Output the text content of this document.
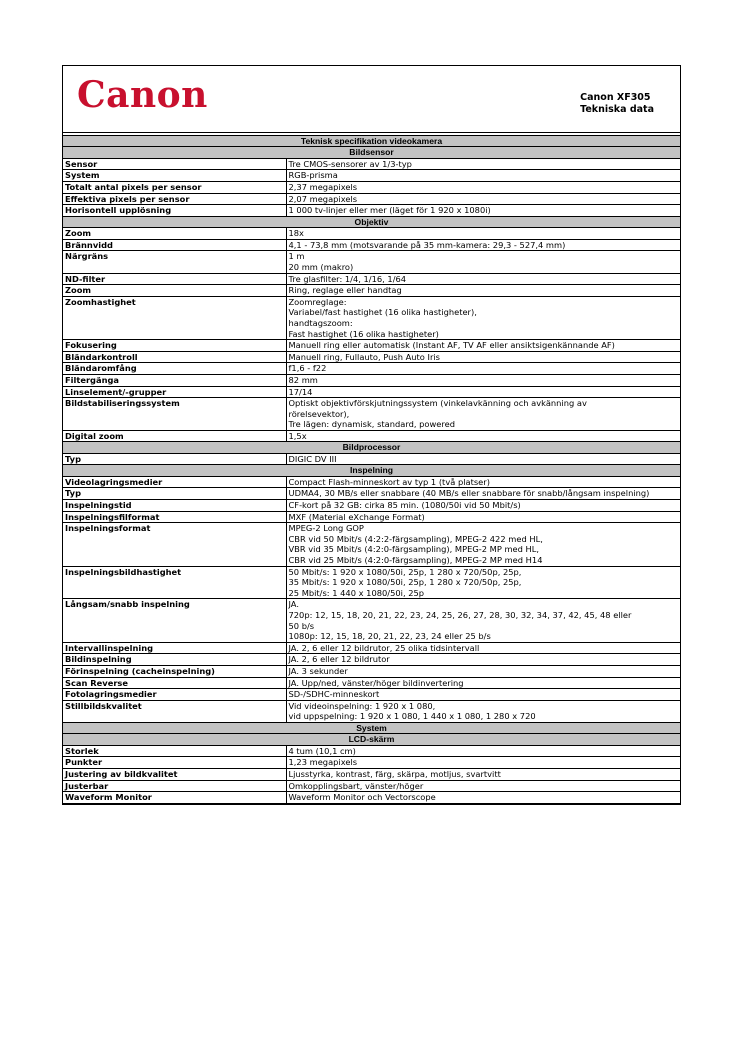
Canon	Canon XF305
Tekniska data
Teknisk specifikation videokamera	
Bildsensor	
Sensor	Tre CMOS-sensorer av 1/3-typ

System	RGB-prisma

Totalt antal pixels per sensor	2,37 megapixels

Effektiva pixels per sensor	2,07 megapixels

Horisontell upplösning	1 000 tv-linjer eller mer (läget för 1 920 x 1080i)

Objektiv	
Zoom	18x

Brännvidd	4,1 - 73,8 mm (motsvarande på 35 mm-kamera: 29,3 - 527,4 mm)

Närgräns	1 m
20 mm (makro)

ND-filter	Tre glasfilter: 1/4, 1/16, 1/64

Zoom	Ring, reglage eller handtag

Zoomhastighet	Zoomreglage:
Variabel/fast hastighet (16 olika hastigheter),
handtagszoom:
Fast hastighet (16 olika hastigheter)

Fokusering	Manuell ring eller automatisk (Instant AF, TV AF eller ansiktsigenkännande AF)

Bländarkontroll	Manuell ring, Fullauto, Push Auto Iris

Bländaromfång	f1,6 - f22

Filtergänga	82 mm

Linselement/-grupper	17/14

Bildstabiliseringssystem	Optiskt objektivförskjutningssystem (vinkelavkänning och avkänning av
rörelsevektor),
Tre lägen: dynamisk, standard, powered

Digital zoom	1,5x

Bildprocessor	
Typ	DIGIC DV III

Inspelning	
Videolagringsmedier	Compact Flash-minneskort av typ 1 (två platser)

Typ	UDMA4, 30 MB/s eller snabbare (40 MB/s eller snabbare för snabb/långsam inspelning)

Inspelningstid	CF-kort på 32 GB: cirka 85 min. (1080/50i vid 50 Mbit/s)

Inspelningsfilformat	MXF (Material eXchange Format)

Inspelningsformat	MPEG-2 Long GOP
CBR vid 50 Mbit/s (4:2:2-färgsampling), MPEG-2 422 med HL,
VBR vid 35 Mbit/s (4:2:0-färgsampling), MPEG-2 MP med HL,
CBR vid 25 Mbit/s (4:2:0-färgsampling), MPEG-2 MP med H14

Inspelningsbildhastighet	50 Mbit/s: 1 920 x 1080/50i, 25p, 1 280 x 720/50p, 25p,
35 Mbit/s: 1 920 x 1080/50i, 25p, 1 280 x 720/50p, 25p,
25 Mbit/s: 1 440 x 1080/50i, 25p

Långsam/snabb inspelning	JA.
720p: 12, 15, 18, 20, 21, 22, 23, 24, 25, 26, 27, 28, 30, 32, 34, 37, 42, 45, 48 eller
50 b/s
1080p: 12, 15, 18, 20, 21, 22, 23, 24 eller 25 b/s

Intervallinspelning	JA. 2, 6 eller 12 bildrutor, 25 olika tidsintervall

Bildinspelning	JA. 2, 6 eller 12 bildrutor

Förinspelning (cacheinspelning)	JA. 3 sekunder

Scan Reverse	JA. Upp/ned, vänster/höger bildinvertering

Fotolagringsmedier	SD-/SDHC-minneskort

Stillbildskvalitet	Vid videoinspelning: 1 920 x 1 080,
vid uppspelning: 1 920 x 1 080, 1 440 x 1 080, 1 280 x 720

System	
LCD-skärm	
Storlek	4 tum (10,1 cm)

Punkter	1,23 megapixels

Justering av bildkvalitet	Ljusstyrka, kontrast, färg, skärpa, motljus, svartvitt

Justerbar	Omkopplingsbart, vänster/höger

Waveform Monitor	Waveform Monitor och Vectorscope
